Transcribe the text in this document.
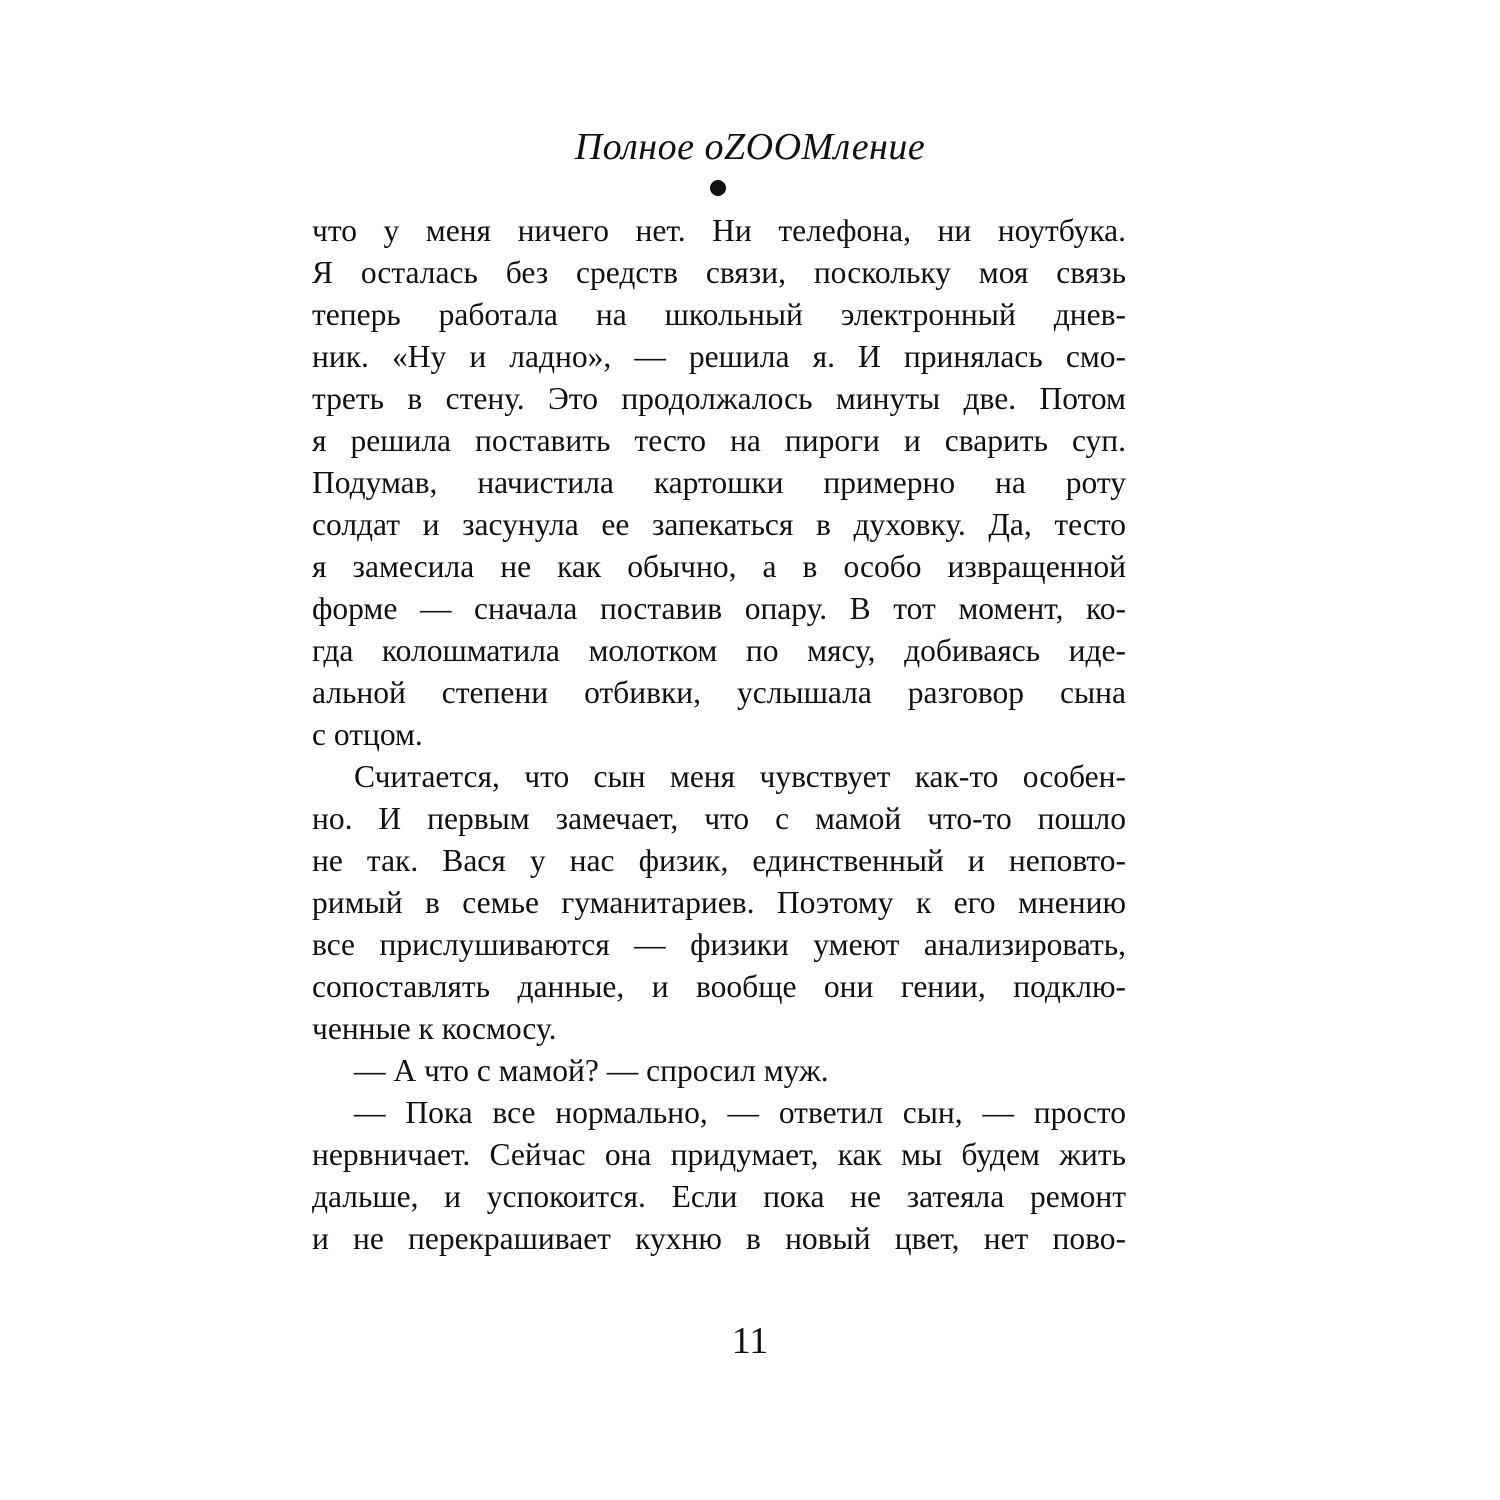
Полное oZOOMление
что у меня ничего нет. Ни телефона, ни ноутбука.
Я осталась без средств связи, поскольку моя связь
теперь работала на школьный электронный днев-
ник. «Ну и ладно», — решила я. И принялась смо-
треть в стену. Это продолжалось минуты две. Потом
я решила поставить тесто на пироги и сварить суп.
Подумав, начистила картошки примерно на роту
солдат и засунула ее запекаться в духовку. Да, тесто
я замесила не как обычно, а в особо извращенной
форме — сначала поставив опару. В тот момент, ко-
гда колошматила молотком по мясу, добиваясь иде-
альной степени отбивки, услышала разговор сына
с отцом.
Считается, что сын меня чувствует как-то особен-
но. И первым замечает, что с мамой что-то пошло
не так. Вася у нас физик, единственный и неповто-
римый в семье гуманитариев. Поэтому к его мнению
все прислушиваются — физики умеют анализировать,
сопоставлять данные, и вообще они гении, подклю-
ченные к космосу.
— А что с мамой? — спросил муж.
— Пока все нормально, — ответил сын, — просто
нервничает. Сейчас она придумает, как мы будем жить
дальше, и успокоится. Если пока не затеяла ремонт
и не перекрашивает кухню в новый цвет, нет пово-
11
